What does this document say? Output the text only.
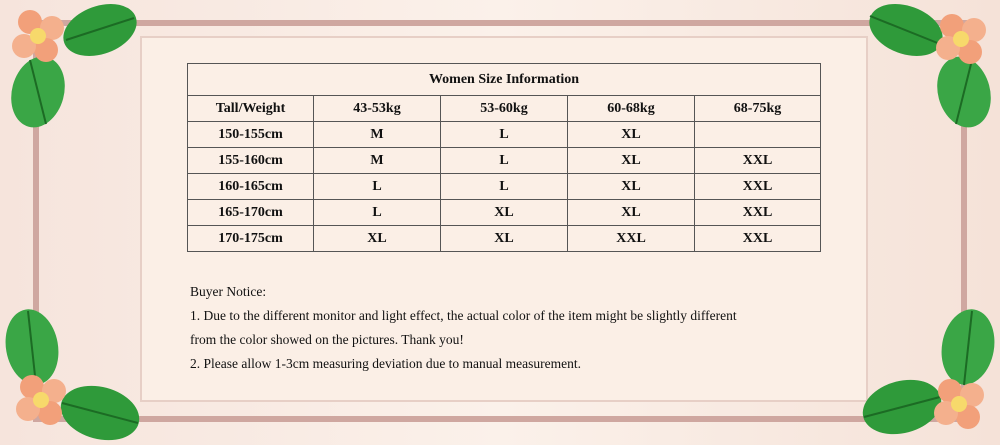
Women Size Information				
Tall/Weight	43-53kg	53-60kg	60-68kg	68-75kg
150-155cm	M	L	XL	
155-160cm	M	L	XL	XXL
160-165cm	L	L	XL	XXL
165-170cm	L	XL	XL	XXL
170-175cm	XL	XL	XXL	XXL
Buyer Notice:
1. Due to the different monitor and light effect, the actual color of the item might be slightly different
from the color showed on the pictures. Thank you!
2. Please allow 1-3cm measuring deviation due to manual measurement.
